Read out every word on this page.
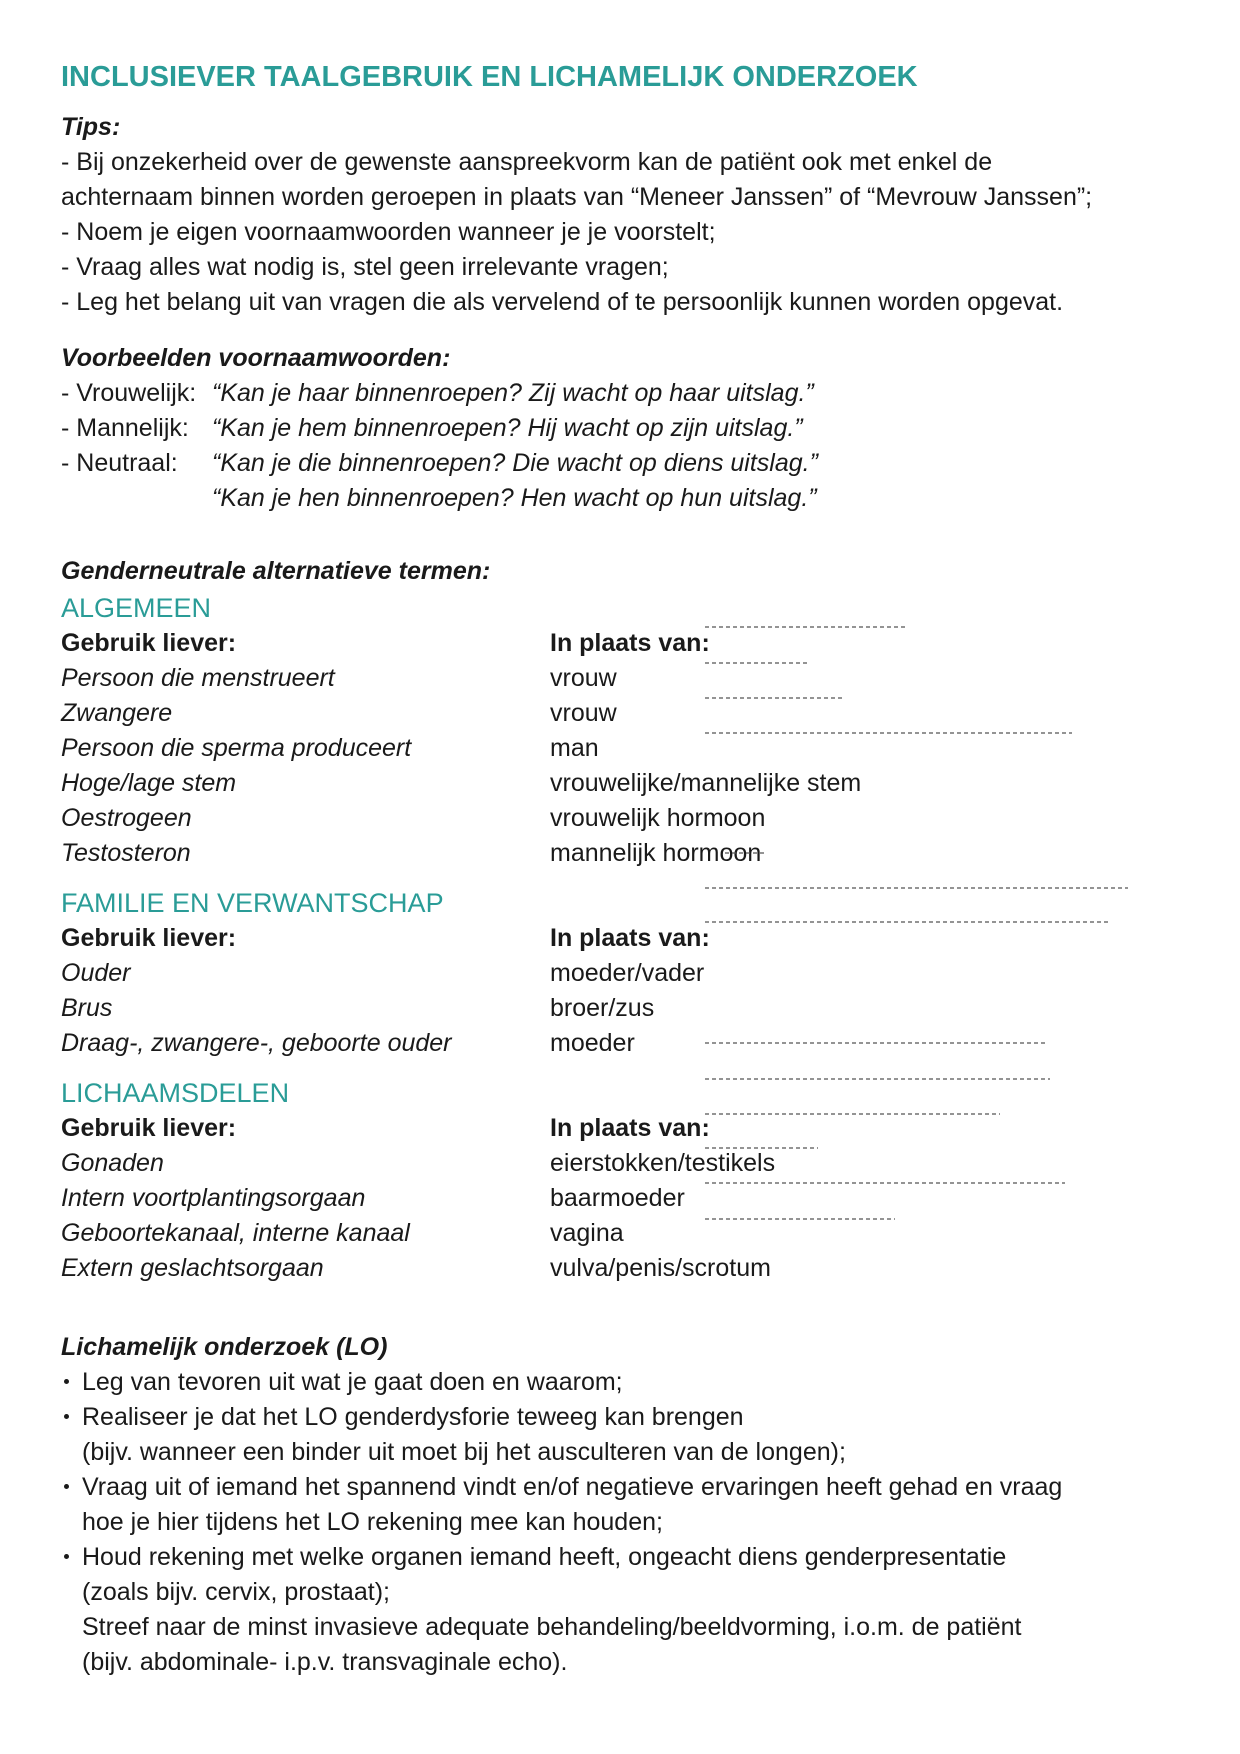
INCLUSIEVER TAALGEBRUIK EN LICHAMELIJK ONDERZOEK
Tips:
- Bij onzekerheid over de gewenste aanspreekvorm kan de patiënt ook met enkel de
achternaam binnen worden geroepen in plaats van “Meneer Janssen” of “Mevrouw Janssen”;
- Noem je eigen voornaamwoorden wanneer je je voorstelt;
- Vraag alles wat nodig is, stel geen irrelevante vragen;
- Leg het belang uit van vragen die als vervelend of te persoonlijk kunnen worden opgevat.
Voorbeelden voornaamwoorden:
- Vrouwelijk: “Kan je haar binnenroepen? Zij wacht op haar uitslag.”
- Mannelijk: “Kan je hem binnenroepen? Hij wacht op zijn uitslag.”
- Neutraal: “Kan je die binnenroepen? Die wacht op diens uitslag.”
“Kan je hen binnenroepen? Hen wacht op hun uitslag.”
Genderneutrale alternatieve termen:
ALGEMEEN
Gebruik liever:	In plaats van:
Persoon die menstrueert	vrouw
Zwangere	vrouw
Persoon die sperma produceert	man
Hoge/lage stem	vrouwelijke/mannelijke stem
Oestrogeen	vrouwelijk hormoon
Testosteron	mannelijk hormoon
FAMILIE EN VERWANTSCHAP
Gebruik liever:	In plaats van:
Ouder	moeder/vader
Brus	broer/zus
Draag-, zwangere-, geboorte ouder	moeder
LICHAAMSDELEN
Gebruik liever:	In plaats van:
Gonaden	eierstokken/testikels
Intern voortplantingsorgaan	baarmoeder
Geboortekanaal, interne kanaal	vagina
Extern geslachtsorgaan	vulva/penis/scrotum
Lichamelijk onderzoek (LO)
Leg van tevoren uit wat je gaat doen en waarom;
Realiseer je dat het LO genderdysforie teweeg kan brengen
(bijv. wanneer een binder uit moet bij het ausculteren van de longen);
Vraag uit of iemand het spannend vindt en/of negatieve ervaringen heeft gehad en vraag
hoe je hier tijdens het LO rekening mee kan houden;
Houd rekening met welke organen iemand heeft, ongeacht diens genderpresentatie
(zoals bijv. cervix, prostaat);
Streef naar de minst invasieve adequate behandeling/beeldvorming, i.o.m. de patiënt
(bijv. abdominale- i.p.v. transvaginale echo).
